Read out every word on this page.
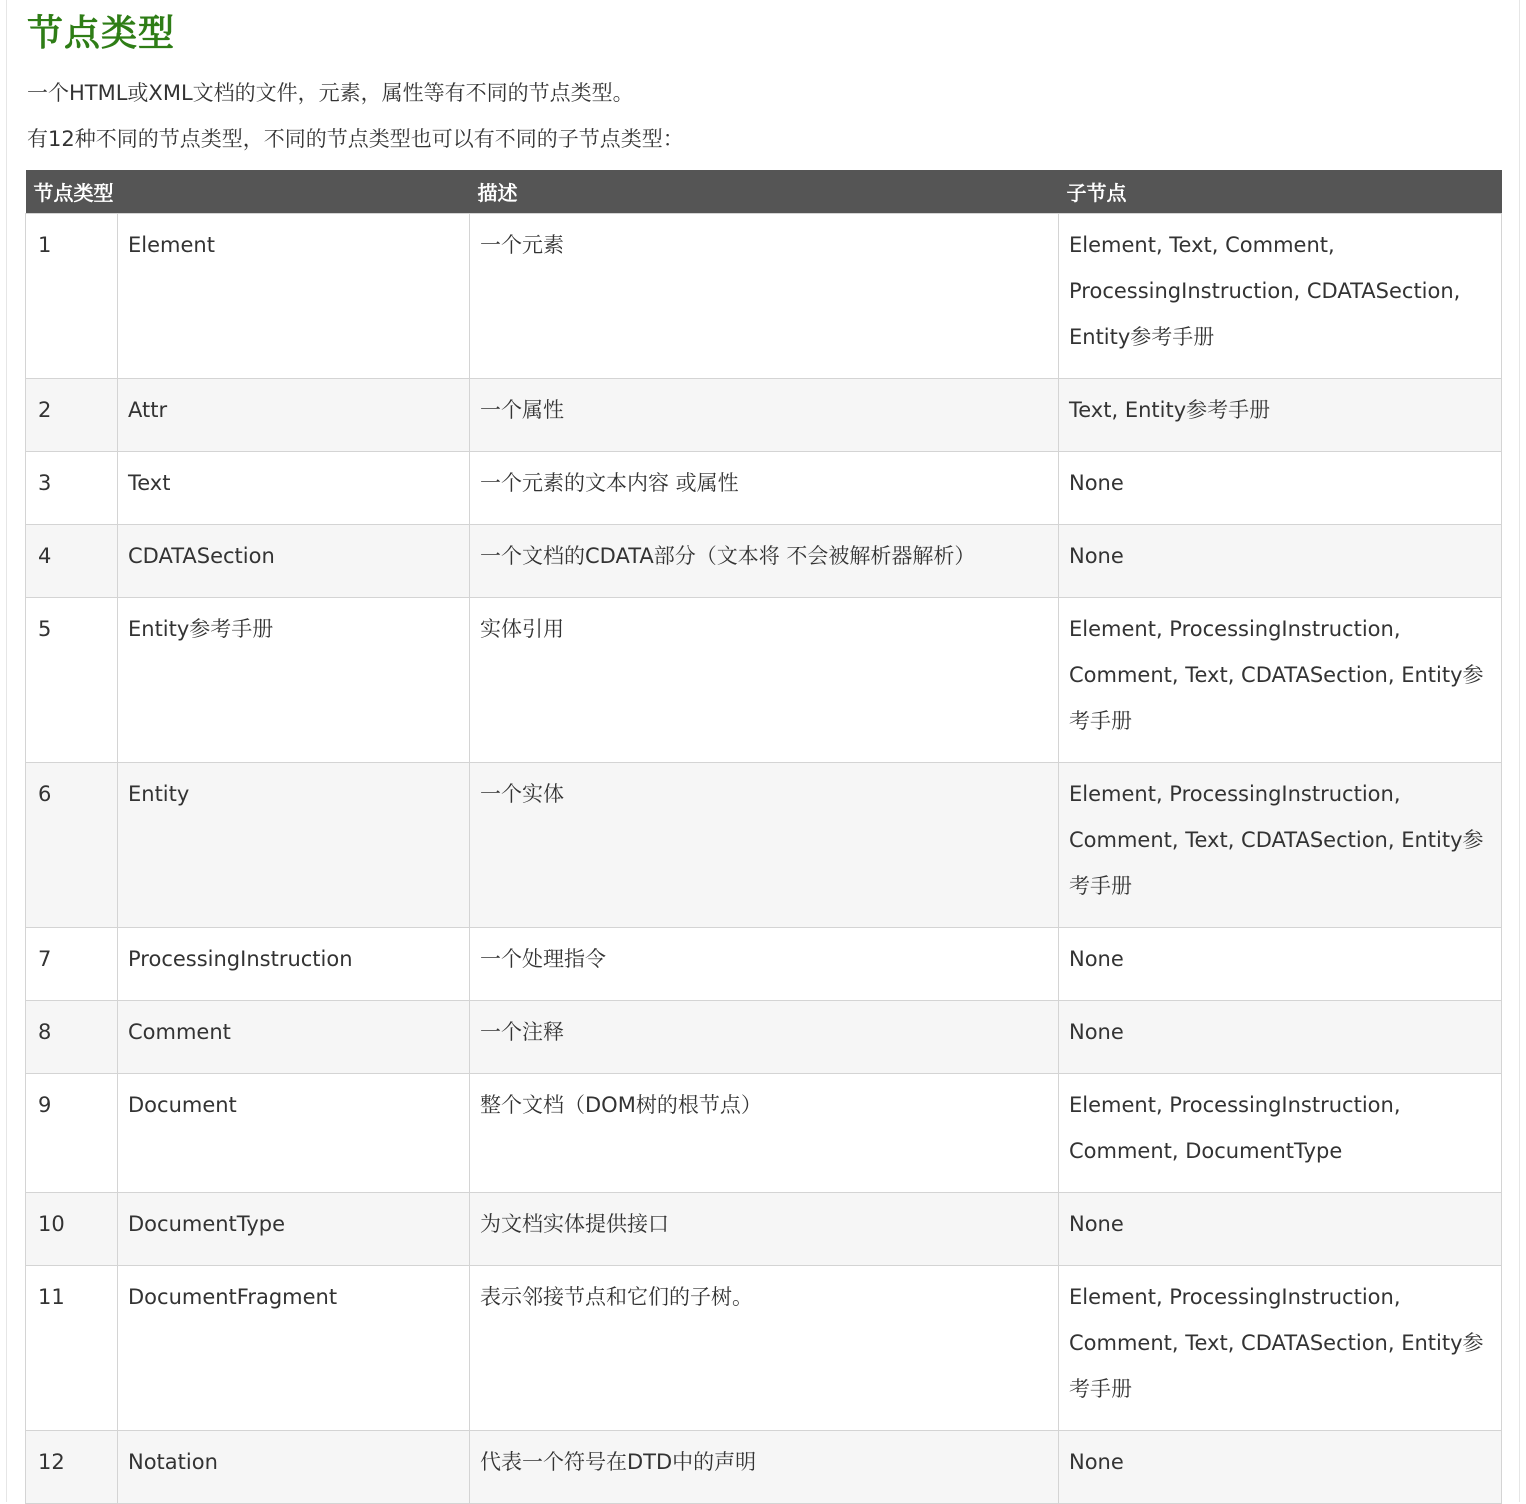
节点类型

一个HTML或XML文档的文件，元素，属性等有不同的节点类型。

有12种不同的节点类型，不同的节点类型也可以有不同的子节点类型：

节点类型		描述	子节点

1	Element	一个元素	Element, Text, Comment, ProcessingInstruction, CDATASection, Entity参考手册

2	Attr	一个属性	Text, Entity参考手册

3	Text	一个元素的文本内容 或属性	None

4	CDATASection	一个文档的CDATA部分（文本将 不会被解析器解析）	None

5	Entity参考手册	实体引用	Element, ProcessingInstruction, Comment, Text, CDATASection, Entity参考手册

6	Entity	一个实体	Element, ProcessingInstruction, Comment, Text, CDATASection, Entity参考手册

7	ProcessingInstruction	一个处理指令	None

8	Comment	一个注释	None

9	Document	整个文档（DOM树的根节点）	Element, ProcessingInstruction, Comment, DocumentType

10	DocumentType	为文档实体提供接口	None

11	DocumentFragment	表示邻接节点和它们的子树。	Element, ProcessingInstruction, Comment, Text, CDATASection, Entity参考手册

12	Notation	代表一个符号在DTD中的声明	None
